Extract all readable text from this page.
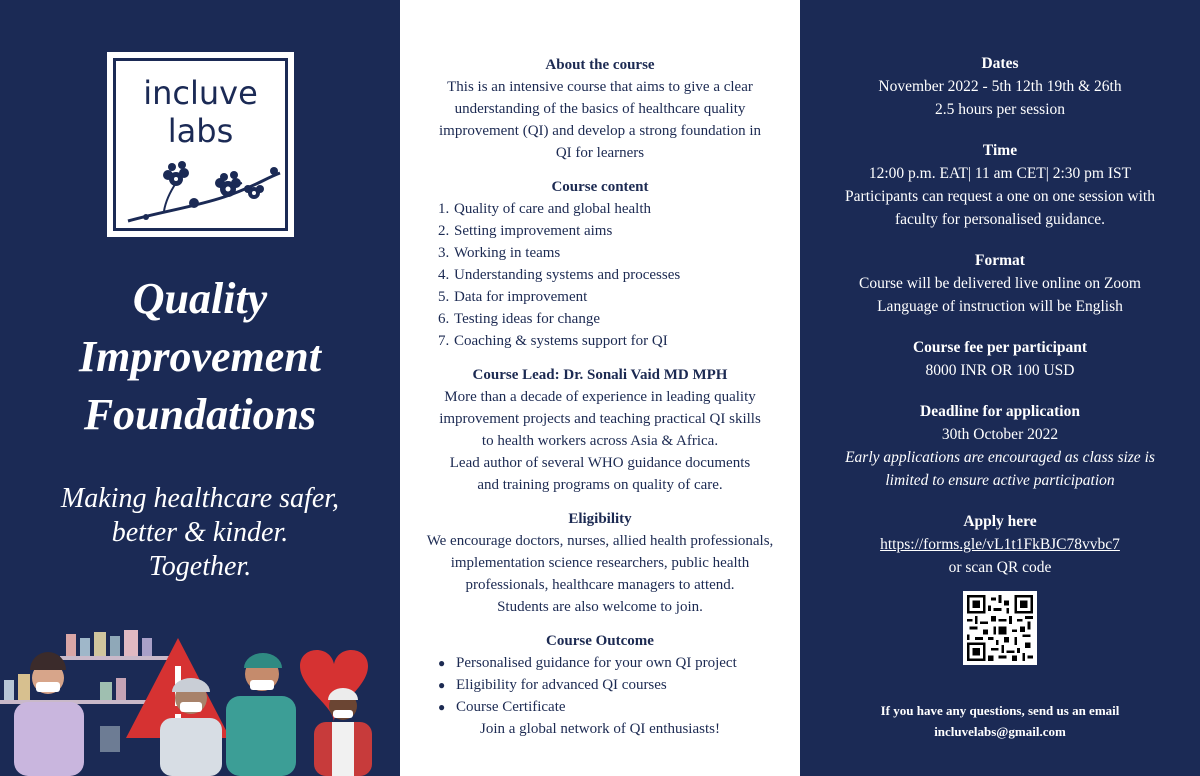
incluve
labs
Quality
Improvement
Foundations
Making healthcare safer,
better & kinder.
Together.
About the course
This is an intensive course that aims to give a clear
understanding of the basics of healthcare quality
improvement (QI) and develop a strong foundation in
QI for learners
Course content
1. Quality of care and global health
2. Setting improvement aims
3. Working in teams
4. Understanding systems and processes
5. Data for improvement
6. Testing ideas for change
7. Coaching & systems support for QI
Course Lead: Dr. Sonali Vaid MD MPH
More than a decade of experience in leading quality
improvement projects and teaching practical QI skills
to health workers across Asia & Africa.
Lead author of several WHO guidance documents
and training programs on quality of care.
Eligibility
We encourage doctors, nurses, allied health professionals,
implementation science researchers, public health
professionals, healthcare managers to attend.
Students are also welcome to join.
Course Outcome
● Personalised guidance for your own QI project
● Eligibility for advanced QI courses
● Course Certificate
Join a global network of QI enthusiasts!
Dates
November 2022 - 5th 12th 19th & 26th
2.5 hours per session
Time
12:00 p.m. EAT| 11 am CET| 2:30 pm IST
Participants can request a one on one session with
faculty for personalised guidance.
Format
Course will be delivered live online on Zoom
Language of instruction will be English
Course fee per participant
8000 INR OR 100 USD
Deadline for application
30th October 2022
Early applications are encouraged as class size is
limited to ensure active participation
Apply here
https://forms.gle/vL1t1FkBJC78vvbc7
or scan QR code
If you have any questions, send us an email
incluvelabs@gmail.com
